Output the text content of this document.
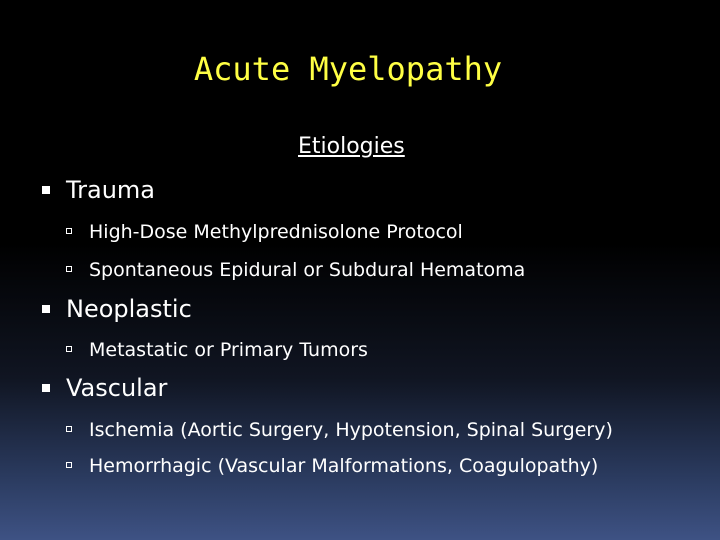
Acute Myelopathy
Etiologies
Trauma
High-Dose Methylprednisolone Protocol
Spontaneous Epidural or Subdural Hematoma
Neoplastic
Metastatic or Primary Tumors
Vascular
Ischemia (Aortic Surgery, Hypotension, Spinal Surgery)
Hemorrhagic (Vascular Malformations, Coagulopathy)
